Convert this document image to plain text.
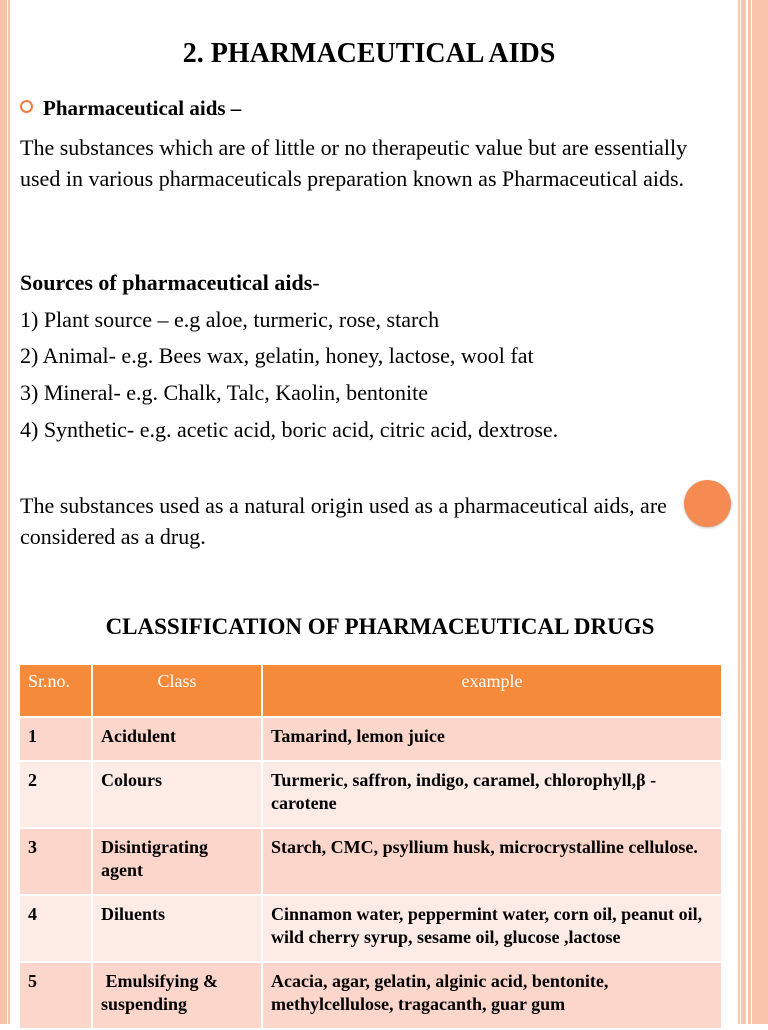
2. PHARMACEUTICAL AIDS
Pharmaceutical aids –
The substances which are of little or no therapeutic value but are essentially used in various pharmaceuticals preparation known as Pharmaceutical aids.
Sources of pharmaceutical aids-
1) Plant source – e.g aloe, turmeric, rose, starch
2) Animal- e.g. Bees wax, gelatin, honey, lactose, wool fat
3) Mineral- e.g. Chalk, Talc, Kaolin, bentonite
4) Synthetic- e.g. acetic acid, boric acid, citric acid, dextrose.
The substances used as a natural origin used as a pharmaceutical aids, are considered as a drug.
CLASSIFICATION OF PHARMACEUTICAL DRUGS
Sr.no.	Class	example
1	Acidulent	Tamarind, lemon juice
2	Colours	Turmeric, saffron, indigo, caramel, chlorophyll,β -carotene
3	Disintigrating agent	Starch, CMC, psyllium husk, microcrystalline cellulose.
4	Diluents	Cinnamon water, peppermint water, corn oil, peanut oil, wild cherry syrup, sesame oil, glucose ,lactose
5	Emulsifying & suspending	Acacia, agar, gelatin, alginic acid, bentonite, methylcellulose, tragacanth, guar gum
